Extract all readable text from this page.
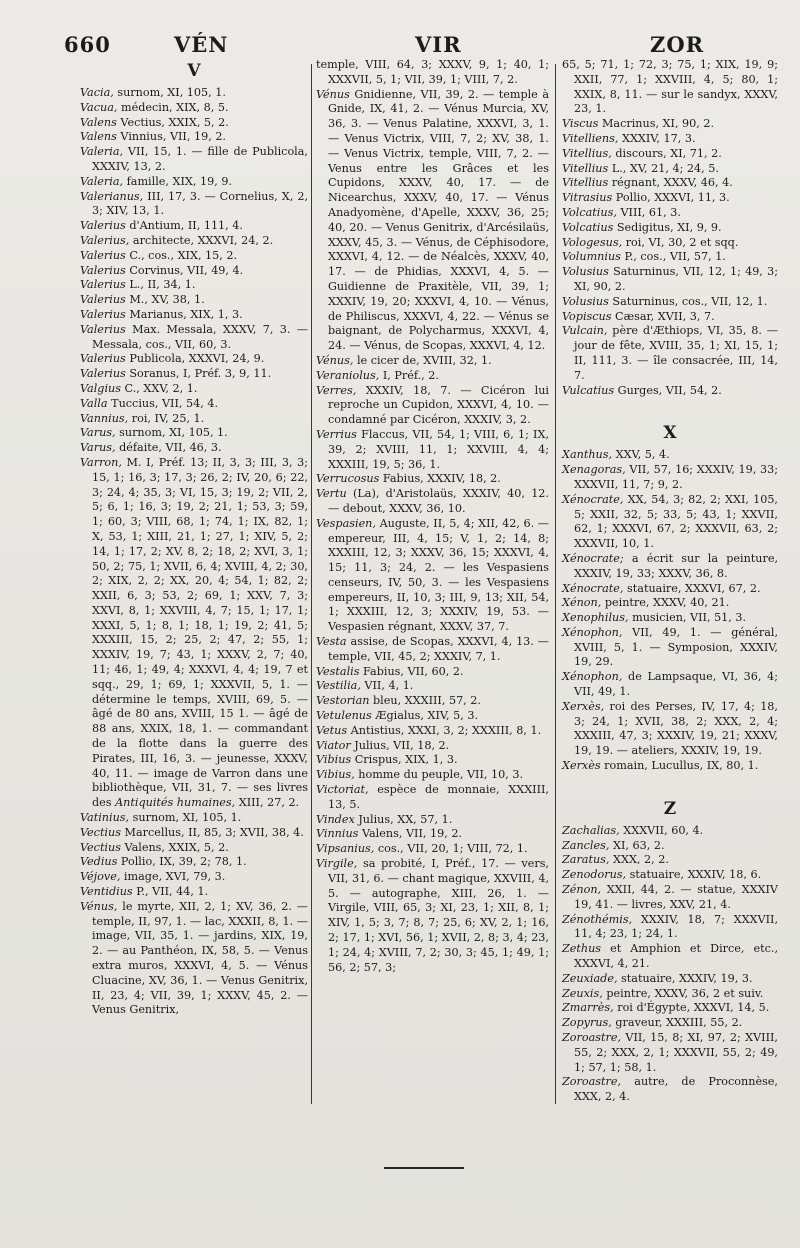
660	VÉN	VIR	ZOR
V

Vacia, surnom, XI, 105, 1.

Vacua, médecin, XIX, 8, 5.

Valens Vectius, XXIX, 5, 2.

Valens Vinnius, VII, 19, 2.

Valeria, VII, 15, 1. — fille de Publicola, XXXIV, 13, 2.

Valeria, famille, XIX, 19, 9.

Valerianus, III, 17, 3. — Cornelius, X, 2, 3; XIV, 13, 1.

Valerius d'Antium, II, 111, 4.

Valerius, architecte, XXXVI, 24, 2.

Valerius C., cos., XIX, 15, 2.

Valerius Corvinus, VII, 49, 4.

Valerius L., II, 34, 1.

Valerius M., XV, 38, 1.

Valerius Marianus, XIX, 1, 3.

Valerius Max. Messala, XXXV, 7, 3. — Messala, cos., VII, 60, 3.

Valerius Publicola, XXXVI, 24, 9.

Valerius Soranus, I, Préf. 3, 9, 11.

Valgius C., XXV, 2, 1.

Valla Tuccius, VII, 54, 4.

Vannius, roi, IV, 25, 1.

Varus, surnom, XI, 105, 1.

Varus, défaite, VII, 46, 3.

Varron, M. I, Préf. 13; II, 3, 3; III, 3, 3; 15, 1; 16, 3; 17, 3; 26, 2; IV, 20, 6; 22, 3; 24, 4; 35, 3; VI, 15, 3; 19, 2; VII, 2, 5; 6, 1; 16, 3; 19, 2; 21, 1; 53, 3; 59, 1; 60, 3; VIII, 68, 1; 74, 1; IX, 82, 1; X, 53, 1; XIII, 21, 1; 27, 1; XIV, 5, 2; 14, 1; 17, 2; XV, 8, 2; 18, 2; XVI, 3, 1; 50, 2; 75, 1; XVII, 6, 4; XVIII, 4, 2; 30, 2; XIX, 2, 2; XX, 20, 4; 54, 1; 82, 2; XXII, 6, 3; 53, 2; 69, 1; XXV, 7, 3; XXVI, 8, 1; XXVIII, 4, 7; 15, 1; 17, 1; XXXI, 5, 1; 8, 1; 18, 1; 19, 2; 41, 5; XXXIII, 15, 2; 25, 2; 47, 2; 55, 1; XXXIV, 19, 7; 43, 1; XXXV, 2, 7; 40, 11; 46, 1; 49, 4; XXXVI, 4, 4; 19, 7 et sqq., 29, 1; 69, 1; XXXVII, 5, 1. — détermine le temps, XVIII, 69, 5. — âgé de 80 ans, XVIII, 15 1. — âgé de 88 ans, XXIX, 18, 1. — commandant de la flotte dans la guerre des Pirates, III, 16, 3. — jeunesse, XXXV, 40, 11. — image de Varron dans une bibliothèque, VII, 31, 7. — ses livres des Antiquités humaines, XIII, 27, 2.

Vatinius, surnom, XI, 105, 1.

Vectius Marcellus, II, 85, 3; XVII, 38, 4.

Vectius Valens, XXIX, 5, 2.

Vedius Pollio, IX, 39, 2; 78, 1.

Véjove, image, XVI, 79, 3.

Ventidius P., VII, 44, 1.

Vénus, le myrte, XII, 2, 1; XV, 36, 2. — temple, II, 97, 1. — lac, XXXII, 8, 1. — image, VII, 35, 1. — jardins, XIX, 19, 2. — au Panthéon, IX, 58, 5. — Venus extra muros, XXXVI, 4, 5. — Vénus Cluacine, XV, 36, 1. — Venus Genitrix, II, 23, 4; VII, 39, 1; XXXV, 45, 2. — Venus Genitrix,

temple, VIII, 64, 3; XXXV, 9, 1; 40, 1; XXXVII, 5, 1; VII, 39, 1; VIII, 7, 2.

Vénus Gnidienne, VII, 39, 2. — temple à Gnide, IX, 41, 2. — Vénus Murcia, XV, 36, 3. — Venus Palatine, XXXVI, 3, 1. — Venus Victrix, VIII, 7, 2; XV, 38, 1. — Venus Victrix, temple, VIII, 7, 2. — Venus entre les Grâces et les Cupidons, XXXV, 40, 17. — de Nicearchus, XXXV, 40, 17. — Vénus Anadyomène, d'Apelle, XXXV, 36, 25; 40, 20. — Venus Genitrix, d'Arcésilaüs, XXXV, 45, 3. — Vénus, de Céphisodore, XXXVI, 4, 12. — de Néalcès, XXXV, 40, 17. — de Phidias, XXXVI, 4, 5. — Guidienne de Praxitèle, VII, 39, 1; XXXIV, 19, 20; XXXVI, 4, 10. — Vénus, de Philiscus, XXXVI, 4, 22. — Vénus se baignant, de Polycharmus, XXXVI, 4, 24. — Vénus, de Scopas, XXXVI, 4, 12.

Vénus, le cicer de, XVIII, 32, 1.

Veraniolus, I, Préf., 2.

Verres, XXXIV, 18, 7. — Cicéron lui reproche un Cupidon, XXXVI, 4, 10. — condamné par Cicéron, XXXIV, 3, 2.

Verrius Flaccus, VII, 54, 1; VIII, 6, 1; IX, 39, 2; XVIII, 11, 1; XXVIII, 4, 4; XXXIII, 19, 5; 36, 1.

Verrucosus Fabius, XXXIV, 18, 2.

Vertu (La), d'Aristolaüs, XXXIV, 40, 12. — debout, XXXV, 36, 10.

Vespasien, Auguste, II, 5, 4; XII, 42, 6. — empereur, III, 4, 15; V, 1, 2; 14, 8; XXXIII, 12, 3; XXXV, 36, 15; XXXVI, 4, 15; 11, 3; 24, 2. — les Vespasiens censeurs, IV, 50, 3. — les Vespasiens empereurs, II, 10, 3; III, 9, 13; XII, 54, 1; XXXIII, 12, 3; XXXIV, 19, 53. — Vespasien régnant, XXXV, 37, 7.

Vesta assise, de Scopas, XXXVI, 4, 13. — temple, VII, 45, 2; XXXIV, 7, 1.

Vestalis Fabius, VII, 60, 2.

Vestilia, VII, 4, 1.

Vestorian bleu, XXXIII, 57, 2.

Vetulenus Ægialus, XIV, 5, 3.

Vetus Antistius, XXXI, 3, 2; XXXIII, 8, 1.

Viator Julius, VII, 18, 2.

Vibius Crispus, XIX, 1, 3.

Vibius, homme du peuple, VII, 10, 3.

Victoriat, espèce de monnaie, XXXIII, 13, 5.

Vindex Julius, XX, 57, 1.

Vinnius Valens, VII, 19, 2.

Vipsanius, cos., VII, 20, 1; VIII, 72, 1.

Virgile, sa probité, I, Préf., 17. — vers, VII, 31, 6. — chant magique, XXVIII, 4, 5. — autographe, XIII, 26, 1. — Virgile, VIII, 65, 3; XI, 23, 1; XII, 8, 1; XIV, 1, 5; 3, 7; 8, 7; 25, 6; XV, 2, 1; 16, 2; 17, 1; XVI, 56, 1; XVII, 2, 8; 3, 4; 23, 1; 24, 4; XVIII, 7, 2; 30, 3; 45, 1; 49, 1; 56, 2; 57, 3;

65, 5; 71, 1; 72, 3; 75, 1; XIX, 19, 9; XXII, 77, 1; XXVIII, 4, 5; 80, 1; XXIX, 8, 11. — sur le sandyx, XXXV, 23, 1.

Viscus Macrinus, XI, 90, 2.

Vitelliens, XXXIV, 17, 3.

Vitellius, discours, XI, 71, 2.

Vitellius L., XV, 21, 4; 24, 5.

Vitellius régnant, XXXV, 46, 4.

Vitrasius Pollio, XXXVI, 11, 3.

Volcatius, VIII, 61, 3.

Volcatius Sedigitus, XI, 9, 9.

Vologesus, roi, VI, 30, 2 et sqq.

Volumnius P., cos., VII, 57, 1.

Volusius Saturninus, VII, 12, 1; 49, 3; XI, 90, 2.

Volusius Saturninus, cos., VII, 12, 1.

Vopiscus Cæsar, XVII, 3, 7.

Vulcain, père d'Æthiops, VI, 35, 8. — jour de fête, XVIII, 35, 1; XI, 15, 1; II, 111, 3. — île consacrée, III, 14, 7.

Vulcatius Gurges, VII, 54, 2.

X

Xanthus, XXV, 5, 4.

Xenagoras, VII, 57, 16; XXXIV, 19, 33; XXXVII, 11, 7; 9, 2.

Xénocrate, XX, 54, 3; 82, 2; XXI, 105, 5; XXII, 32, 5; 33, 5; 43, 1; XXVII, 62, 1; XXXVI, 67, 2; XXXVII, 63, 2; XXXVII, 10, 1.

Xénocrate; a écrit sur la peinture, XXXIV, 19, 33; XXXV, 36, 8.

Xénocrate, statuaire, XXXVI, 67, 2.

Xénon, peintre, XXXV, 40, 21.

Xenophilus, musicien, VII, 51, 3.

Xénophon, VII, 49, 1. — général, XVIII, 5, 1. — Symposion, XXXIV, 19, 29.

Xénophon, de Lampsaque, VI, 36, 4; VII, 49, 1.

Xerxès, roi des Perses, IV, 17, 4; 18, 3; 24, 1; XVII, 38, 2; XXX, 2, 4; XXXIII, 47, 3; XXXIV, 19, 21; XXXV, 19, 19. — ateliers, XXXIV, 19, 19.

Xerxès romain, Lucullus, IX, 80, 1.

Z

Zachalias, XXXVII, 60, 4.

Zancles, XI, 63, 2.

Zaratus, XXX, 2, 2.

Zenodorus, statuaire, XXXIV, 18, 6.

Zénon, XXII, 44, 2. — statue, XXXIV 19, 41. — livres, XXV, 21, 4.

Zénothémis, XXXIV, 18, 7; XXXVII, 11, 4; 23, 1; 24, 1.

Zethus et Amphion et Dirce, etc., XXXVI, 4, 21.

Zeuxiade, statuaire, XXXIV, 19, 3.

Zeuxis, peintre, XXXV, 36, 2 et suiv.

Zmarrès, roi d'Égypte, XXXVI, 14, 5.

Zopyrus, graveur, XXXIII, 55, 2.

Zoroastre, VII, 15, 8; XI, 97, 2; XVIII, 55, 2; XXX, 2, 1; XXXVII, 55, 2; 49, 1; 57, 1; 58, 1.

Zoroastre, autre, de Proconnèse, XXX, 2, 4.
